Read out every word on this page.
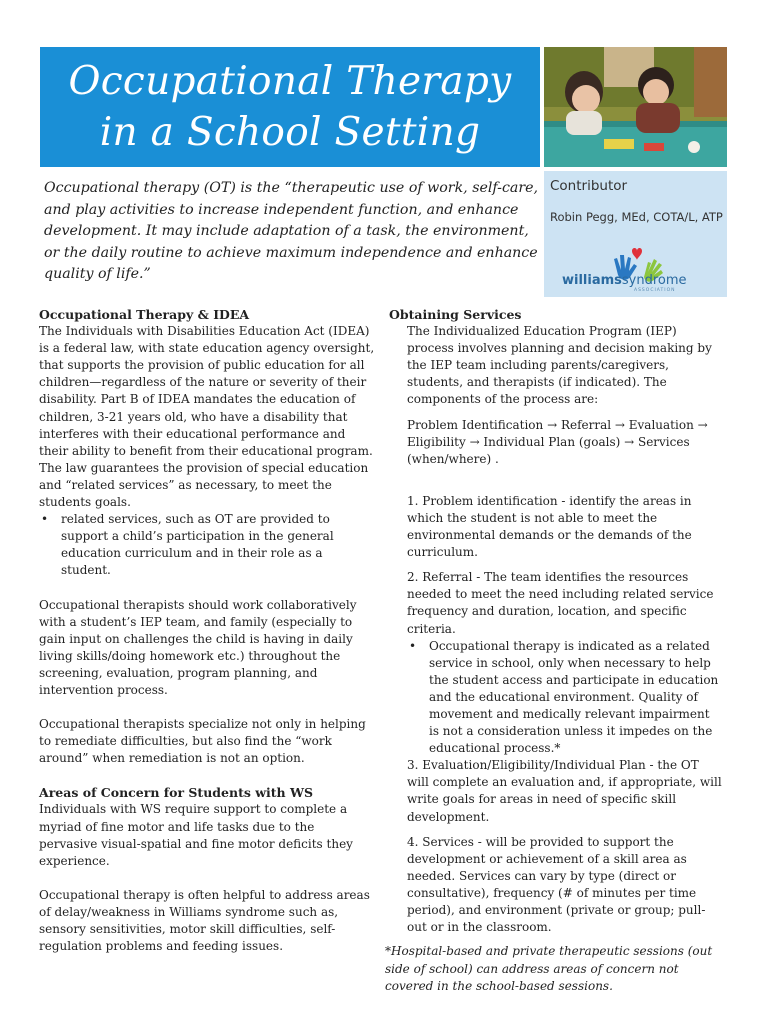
Occupational Therapy
in a School Setting
Contributor
Robin Pegg, MEd, COTA/L, ATP
williamssyndrome
ASSOCIATION

Occupational therapy (OT) is the “therapeutic use of work, self-care, and play activities to increase independent function, and enhance development. It may include adaptation of a task, the environment, or the daily routine to achieve maximum independence and enhance quality of life.”

Occupational Therapy & IDEA

The Individuals with Disabilities Education Act (IDEA) is a federal law, with state education agency oversight, that supports the provision of public education for all children—regardless of the nature or severity of their disability. Part B of IDEA mandates the education of children, 3-21 years old, who have a disability that interferes with their educational performance and their ability to benefit from their educational program. The law guarantees the provision of special education and “related services” as necessary, to meet the students goals.

• related services, such as OT are provided to support a child’s participation in the general education curriculum and in their role as a student.

Occupational therapists should work collaboratively with a student’s IEP team, and family (especially to gain input on challenges the child is having in daily living skills/doing homework etc.) throughout the screening, evaluation, program planning, and intervention process.

Occupational therapists specialize not only in helping to remediate difficulties, but also find the “work around” when remediation is not an option.

Areas of Concern for Students with WS

Individuals with WS require support to complete a myriad of fine motor and life tasks due to the pervasive visual-spatial and fine motor deficits they experience.

Occupational therapy is often helpful to address areas of delay/weakness in Williams syndrome such as, sensory sensitivities, motor skill difficulties, self-regulation problems and feeding issues.

Obtaining Services

The Individualized Education Program (IEP) process involves planning and decision making by the IEP team including parents/caregivers, students, and therapists (if indicated). The components of the process are:

Problem Identification → Referral → Evaluation → Eligibility → Individual Plan (goals) → Services (when/where) .

1. Problem identification - identify the areas in which the student is not able to meet the environmental demands or the demands of the curriculum.

2. Referral - The team identifies the resources needed to meet the need including related service frequency and duration, location, and specific criteria.

• Occupational therapy is indicated as a related service in school, only when necessary to help the student access and participate in education and the educational environment. Quality of movement and medically relevant impairment is not a consideration unless it impedes on the educational process.*

3. Evaluation/Eligibility/Individual Plan - the OT will complete an evaluation and, if appropriate, will write goals for areas in need of specific skill development.

4. Services - will be provided to support the development or achievement of a skill area as needed. Services can vary by type (direct or consultative), frequency (# of minutes per time period), and environment (private or group; pull-out or in the classroom.

*Hospital-based and private therapeutic sessions (out side of school) can address areas of concern not covered in the school-based sessions.
